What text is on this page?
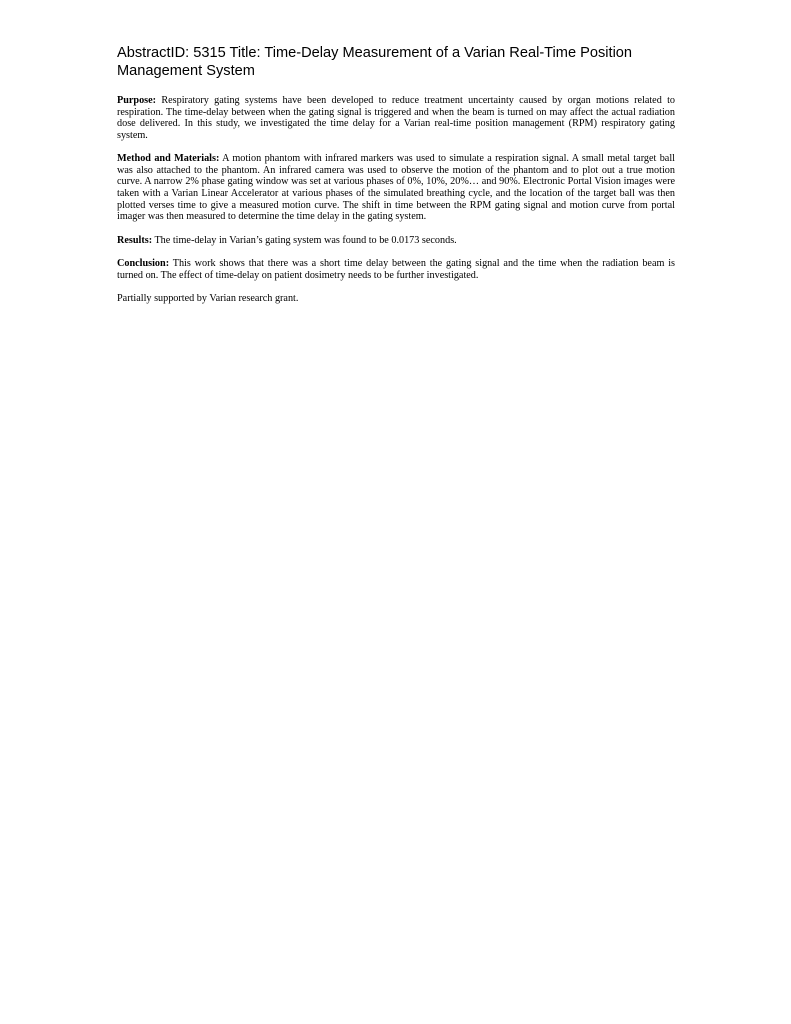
AbstractID: 5315 Title: Time-Delay Measurement of a Varian Real-Time Position Management System

Purpose: Respiratory gating systems have been developed to reduce treatment uncertainty caused by organ motions related to respiration. The time-delay between when the gating signal is triggered and when the beam is turned on may affect the actual radiation dose delivered. In this study, we investigated the time delay for a Varian real-time position management (RPM) respiratory gating system.

Method and Materials: A motion phantom with infrared markers was used to simulate a respiration signal. A small metal target ball was also attached to the phantom. An infrared camera was used to observe the motion of the phantom and to plot out a true motion curve. A narrow 2% phase gating window was set at various phases of 0%, 10%, 20%… and 90%. Electronic Portal Vision images were taken with a Varian Linear Accelerator at various phases of the simulated breathing cycle, and the location of the target ball was then plotted verses time to give a measured motion curve. The shift in time between the RPM gating signal and motion curve from portal imager was then measured to determine the time delay in the gating system.

Results: The time-delay in Varian’s gating system was found to be 0.0173 seconds.

Conclusion: This work shows that there was a short time delay between the gating signal and the time when the radiation beam is turned on. The effect of time-delay on patient dosimetry needs to be further investigated.

Partially supported by Varian research grant.
